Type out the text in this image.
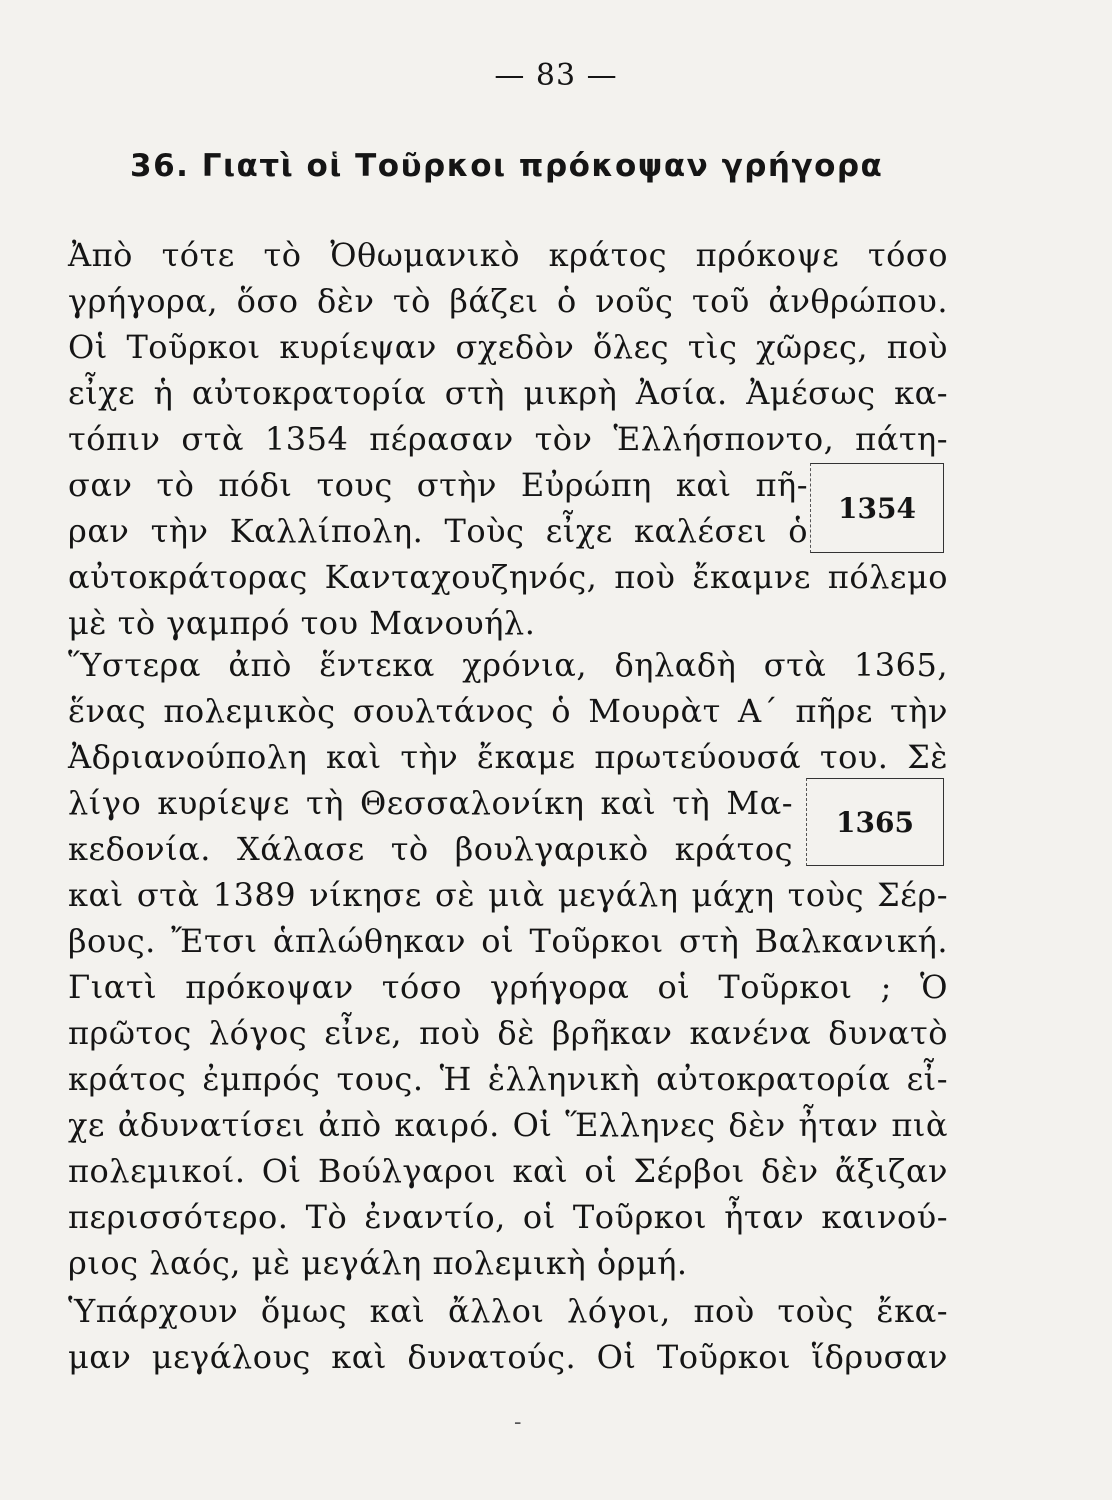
— 83 —
36. Γιατὶ οἱ Τοῦρκοι πρόκοψαν γρήγορα
Ἀπὸ τότε τὸ Ὀθωμανικὸ κράτος πρόκοψε τόσο
γρήγορα, ὅσο δὲν τὸ βάζει ὁ νοῦς τοῦ ἀνθρώπου.
Οἱ Τοῦρκοι κυρίεψαν σχεδὸν ὅλες τὶς χῶρες, ποὺ
εἶχε ἡ αὐτοκρατορία στὴ μικρὴ Ἀσία. Ἀμέσως κα-
τόπιν στὰ 1354 πέρασαν τὸν Ἑλλήσποντο, πάτη-
σαν τὸ πόδι τους στὴν Εὐρώπη καὶ πῆ-
ραν τὴν Καλλίπολη. Τοὺς εἶχε καλέσει ὁ
αὐτοκράτορας Κανταχουζηνός, ποὺ ἔκαμνε πόλεμο
μὲ τὸ γαμπρό του Μανουήλ.
Ὕστερα ἀπὸ ἕντεκα χρόνια, δηλαδὴ στὰ 1365,
ἕνας πολεμικὸς σουλτάνος ὁ Μουρὰτ Α΄ πῆρε τὴν
Ἀδριανούπολη καὶ τὴν ἔκαμε πρωτεύουσά του. Σὲ
λίγο κυρίεψε τὴ Θεσσαλονίκη καὶ τὴ Μα-
κεδονία. Χάλασε τὸ βουλγαρικὸ κράτος
καὶ στὰ 1389 νίκησε σὲ μιὰ μεγάλη μάχη τοὺς Σέρ-
βους. Ἔτσι ἁπλώθηκαν οἱ Τοῦρκοι στὴ Βαλκανική.
Γιατὶ πρόκοψαν τόσο γρήγορα οἱ Τοῦρκοι ; Ὁ
πρῶτος λόγος εἶνε, ποὺ δὲ βρῆκαν κανένα δυνατὸ
κράτος ἐμπρός τους. Ἡ ἑλληνικὴ αὐτοκρατορία εἶ-
χε ἀδυνατίσει ἀπὸ καιρό. Οἱ Ἕλληνες δὲν ἦταν πιὰ
πολεμικοί. Οἱ Βούλγαροι καὶ οἱ Σέρβοι δὲν ἄξιζαν
περισσότερο. Τὸ ἐναντίο, οἱ Τοῦρκοι ἦταν καινού-
ριος λαός, μὲ μεγάλη πολεμικὴ ὁρμή.
Ὑπάρχουν ὅμως καὶ ἄλλοι λόγοι, ποὺ τοὺς ἔκα-
μαν μεγάλους καὶ δυνατούς. Οἱ Τοῦρκοι ἵδρυσαν
1354
1365
-
